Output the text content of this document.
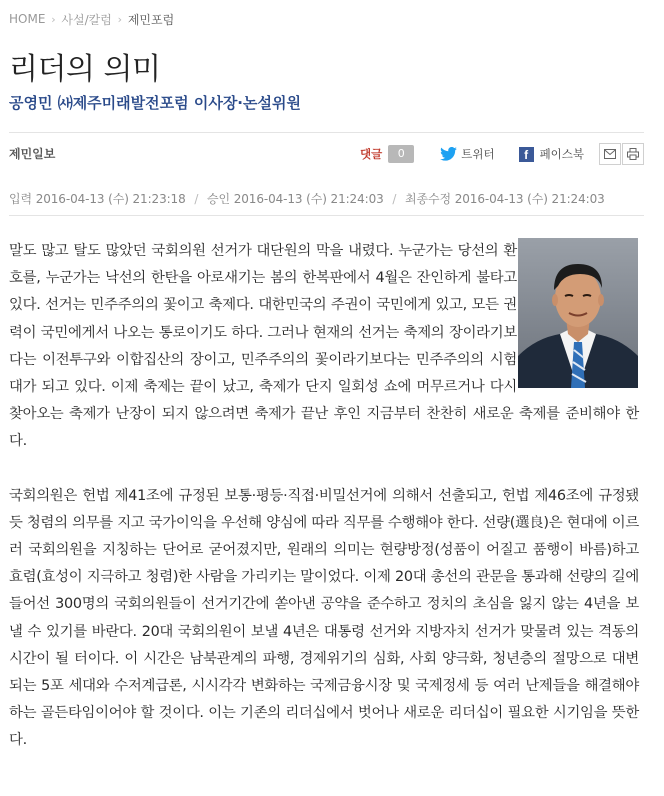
HOME › 사설/칼럼 › 제민포럼
리더의 의미
공영민 ㈔제주미래발전포럼 이사장·논설위원
제민일보	댓글	0	트위터	f	페이스북
입력 2016-04-13 (수) 21:23:18 / 승인 2016-04-13 (수) 21:24:03 / 최종수정 2016-04-13 (수) 21:24:03

말도 많고 탈도 많았던 국회의원 선거가 대단원의 막을 내렸다. 누군가는 당선의 환호를, 누군가는 낙선의 한탄을 아로새기는 봄의 한복판에서 4월은 잔인하게 불타고 있다. 선거는 민주주의의 꽃이고 축제다. 대한민국의 주권이 국민에게 있고, 모든 권력이 국민에게서 나오는 통로이기도 하다. 그러나 현재의 선거는 축제의 장이라기보다는 이전투구와 이합집산의 장이고, 민주주의의 꽃이라기보다는 민주주의의 시험대가 되고 있다. 이제 축제는 끝이 났고, 축제가 단지 일회성 쇼에 머무르거나 다시 찾아오는 축제가 난장이 되지 않으려면 축제가 끝난 후인 지금부터 찬찬히 새로운 축제를 준비해야 한다.

국회의원은 헌법 제41조에 규정된 보통·평등·직접·비밀선거에 의해서 선출되고, 헌법 제46조에 규정됐듯 청렴의 의무를 지고 국가이익을 우선해 양심에 따라 직무를 수행해야 한다. 선량(選良)은 현대에 이르러 국회의원을 지칭하는 단어로 굳어졌지만, 원래의 의미는 현량방정(성품이 어질고 품행이 바름)하고 효렴(효성이 지극하고 청렴)한 사람을 가리키는 말이었다. 이제 20대 총선의 관문을 통과해 선량의 길에 들어선 300명의 국회의원들이 선거기간에 쏟아낸 공약을 준수하고 정치의 초심을 잃지 않는 4년을 보낼 수 있기를 바란다. 20대 국회의원이 보낼 4년은 대통령 선거와 지방자치 선거가 맞물려 있는 격동의 시간이 될 터이다. 이 시간은 남북관계의 파행, 경제위기의 심화, 사회 양극화, 청년층의 절망으로 대변되는 5포 세대와 수저계급론, 시시각각 변화하는 국제금융시장 및 국제정세 등 여러 난제들을 해결해야 하는 골든타임이어야 할 것이다. 이는 기존의 리더십에서 벗어나 새로운 리더십이 필요한 시기임을 뜻한다.
